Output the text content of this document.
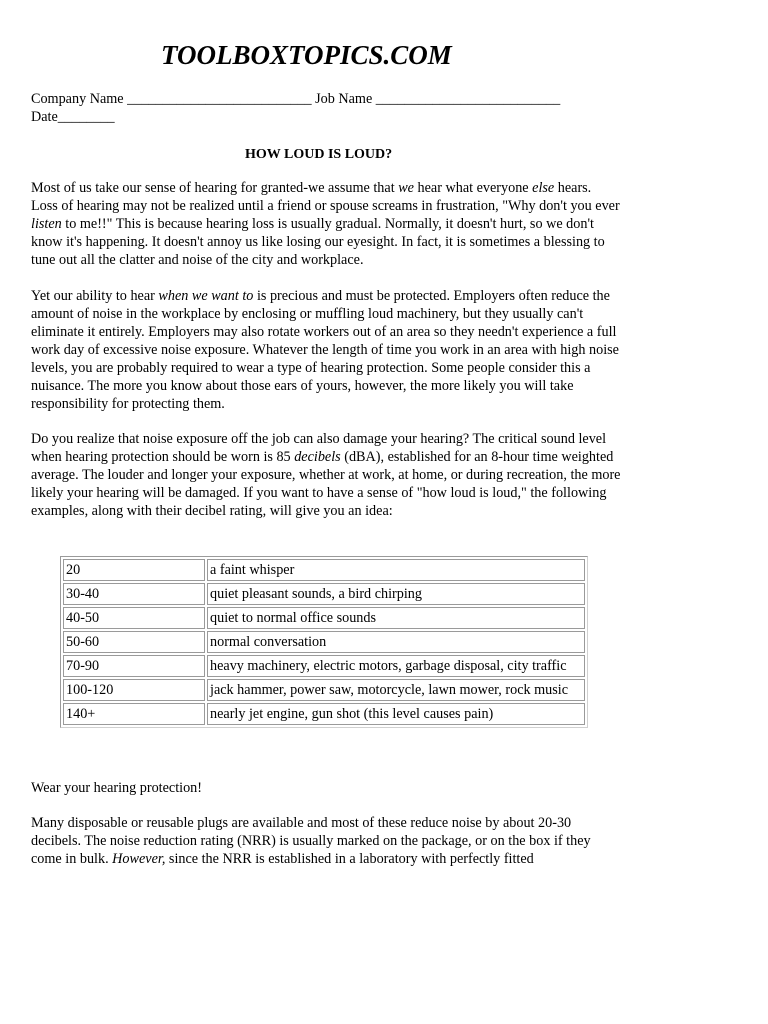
TOOLBOXTOPICS.COM
Company Name __________________________ Job Name __________________________
Date________
HOW LOUD IS LOUD?

Most of us take our sense of hearing for granted-we assume that we hear what everyone else hears. Loss of hearing may not be realized until a friend or spouse screams in frustration, "Why don't you ever listen to me!!" This is because hearing loss is usually gradual. Normally, it doesn't hurt, so we don't know it's happening. It doesn't annoy us like losing our eyesight. In fact, it is sometimes a blessing to tune out all the clatter and noise of the city and workplace.

Yet our ability to hear when we want to is precious and must be protected. Employers often reduce the amount of noise in the workplace by enclosing or muffling loud machinery, but they usually can't eliminate it entirely. Employers may also rotate workers out of an area so they needn't experience a full work day of excessive noise exposure. Whatever the length of time you work in an area with high noise levels, you are probably required to wear a type of hearing protection. Some people consider this a nuisance. The more you know about those ears of yours, however, the more likely you will take responsibility for protecting them.

Do you realize that noise exposure off the job can also damage your hearing? The critical sound level when hearing protection should be worn is 85 decibels (dBA), established for an 8-hour time weighted average. The louder and longer your exposure, whether at work, at home, or during recreation, the more likely your hearing will be damaged. If you want to have a sense of "how loud is loud," the following examples, along with their decibel rating, will give you an idea:

20	a faint whisper
30-40	quiet pleasant sounds, a bird chirping
40-50	quiet to normal office sounds
50-60	normal conversation
70-90	heavy machinery, electric motors, garbage disposal, city traffic
100-120	jack hammer, power saw, motorcycle, lawn mower, rock music
140+	nearly jet engine, gun shot (this level causes pain)

Wear your hearing protection!

Many disposable or reusable plugs are available and most of these reduce noise by about 20-30 decibels. The noise reduction rating (NRR) is usually marked on the package, or on the box if they come in bulk. However, since the NRR is established in a laboratory with perfectly fitted
